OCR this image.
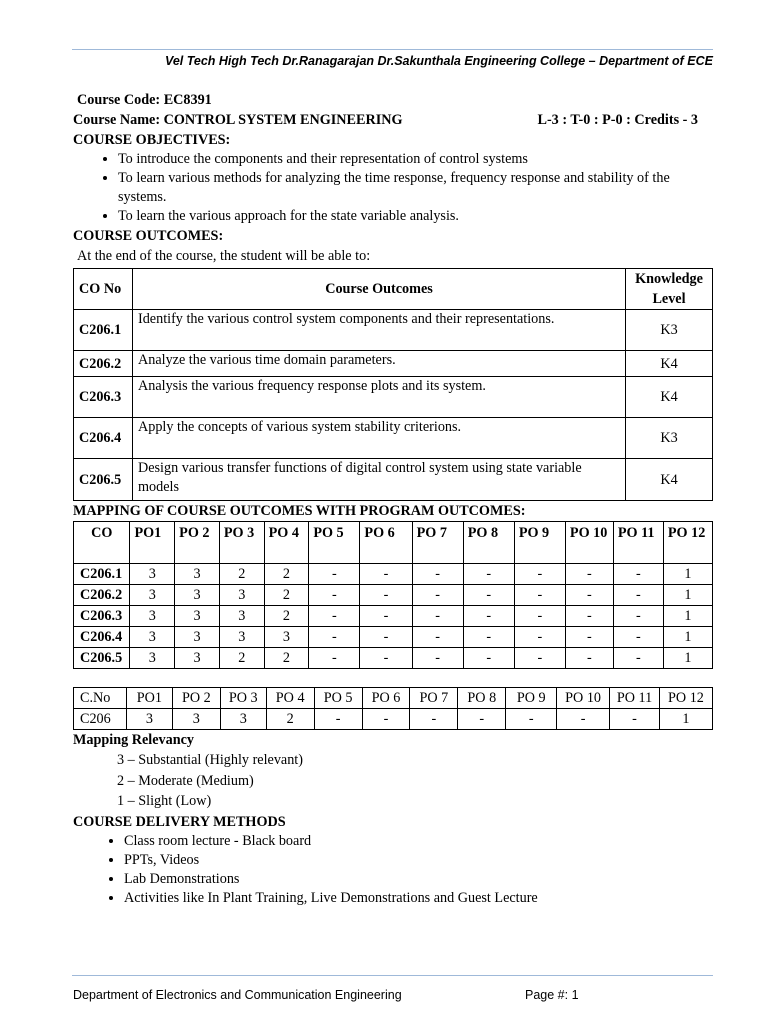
Vel Tech High Tech Dr.Ranagarajan Dr.Sakunthala Engineering College – Department of ECE
Course Code: EC8391
Course Name: CONTROL SYSTEM ENGINEERING	L-3 : T-0 : P-0 : Credits - 3
COURSE OBJECTIVES:
• To introduce the components and their representation of control systems
• To learn various methods for analyzing the time response, frequency response and stability of the systems.
• To learn the various approach for the state variable analysis.
COURSE OUTCOMES:
At the end of the course, the student will be able to:
CO No	Course Outcomes	Knowledge Level
C206.1	Identify the various control system components and their representations.	K3
C206.2	Analyze the various time domain parameters.	K4
C206.3	Analysis the various frequency response plots and its system.	K4
C206.4	Apply the concepts of various system stability criterions.	K3
C206.5	Design various transfer functions of digital control system using state variable models	K4
MAPPING OF COURSE OUTCOMES WITH PROGRAM OUTCOMES:
CO	PO1	PO 2	PO 3	PO 4	PO 5	PO 6	PO 7	PO 8	PO 9	PO 10	PO 11	PO 12
C206.1	3	3	2	2	-	-	-	-	-	-	-	1
C206.2	3	3	3	2	-	-	-	-	-	-	-	1
C206.3	3	3	3	2	-	-	-	-	-	-	-	1
C206.4	3	3	3	3	-	-	-	-	-	-	-	1
C206.5	3	3	2	2	-	-	-	-	-	-	-	1
C.No	PO1	PO 2	PO 3	PO 4	PO 5	PO 6	PO 7	PO 8	PO 9	PO 10	PO 11	PO 12
C206	3	3	3	2	-	-	-	-	-	-	-	1
Mapping Relevancy
3 – Substantial (Highly relevant)
2 – Moderate (Medium)
1 – Slight (Low)
COURSE DELIVERY METHODS
• Class room lecture - Black board
• PPTs, Videos
• Lab Demonstrations
• Activities like In Plant Training, Live Demonstrations and Guest Lecture
Department of Electronics and Communication Engineering	Page #: 1
